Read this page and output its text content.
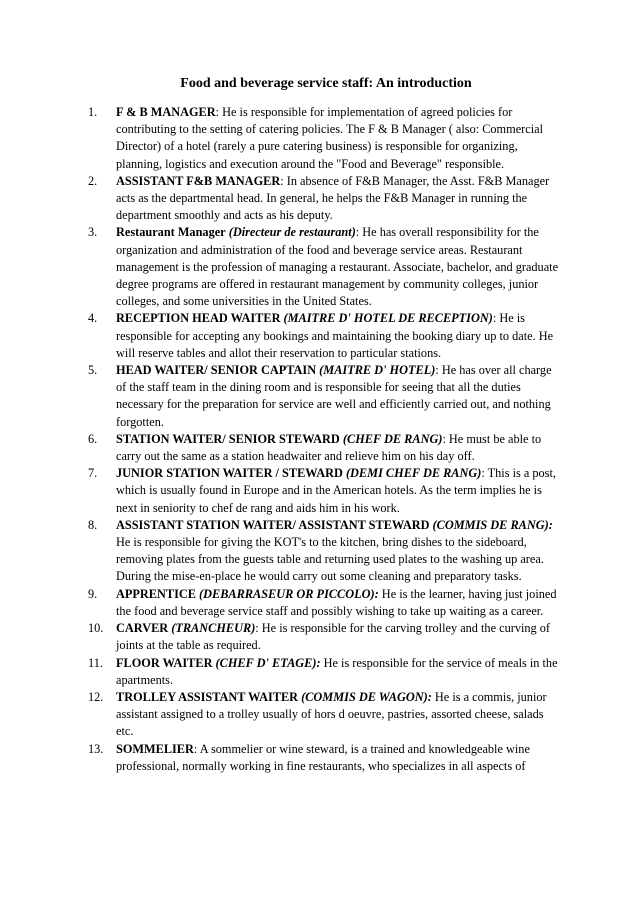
Food and beverage service staff: An introduction
1.	F & B MANAGER: He is responsible for implementation of agreed policies for contributing to the setting of catering policies. The F & B Manager ( also: Commercial Director) of a hotel (rarely a pure catering business) is responsible for organizing, planning, logistics and execution around the "Food and Beverage" responsible.
2.	ASSISTANT F&B MANAGER: In absence of F&B Manager, the Asst. F&B Manager acts as the departmental head. In general, he helps the F&B Manager in running the department smoothly and acts as his deputy.
3.	Restaurant Manager (Directeur de restaurant): He has overall responsibility for the organization and administration of the food and beverage service areas. Restaurant management is the profession of managing a restaurant. Associate, bachelor, and graduate degree programs are offered in restaurant management by community colleges, junior colleges, and some universities in the United States.
4.	RECEPTION HEAD WAITER (MAITRE D' HOTEL DE RECEPTION): He is responsible for accepting any bookings and maintaining the booking diary up to date. He will reserve tables and allot their reservation to particular stations.
5.	HEAD WAITER/ SENIOR CAPTAIN (MAITRE D' HOTEL): He has over all charge of the staff team in the dining room and is responsible for seeing that all the duties necessary for the preparation for service are well and efficiently carried out, and nothing forgotten.
6.	STATION WAITER/ SENIOR STEWARD (CHEF DE RANG): He must be able to carry out the same as a station headwaiter and relieve him on his day off.
7.	JUNIOR STATION WAITER / STEWARD (DEMI CHEF DE RANG): This is a post, which is usually found in Europe and in the American hotels. As the term implies he is next in seniority to chef de rang and aids him in his work.
8.	ASSISTANT STATION WAITER/ ASSISTANT STEWARD (COMMIS DE RANG): He is responsible for giving the KOT's to the kitchen, bring dishes to the sideboard, removing plates from the guests table and returning used plates to the washing up area. During the mise-en-place he would carry out some cleaning and preparatory tasks.
9.	APPRENTICE (DEBARRASEUR OR PICCOLO): He is the learner, having just joined the food and beverage service staff and possibly wishing to take up waiting as a career.
10.	CARVER (TRANCHEUR): He is responsible for the carving trolley and the curving of joints at the table as required.
11.	FLOOR WAITER (CHEF D' ETAGE): He is responsible for the service of meals in the apartments.
12.	TROLLEY ASSISTANT WAITER (COMMIS DE WAGON): He is a commis, junior assistant assigned to a trolley usually of hors d oeuvre, pastries, assorted cheese, salads etc.
13.	SOMMELIER: A sommelier or wine steward, is a trained and knowledgeable wine professional, normally working in fine restaurants, who specializes in all aspects of
